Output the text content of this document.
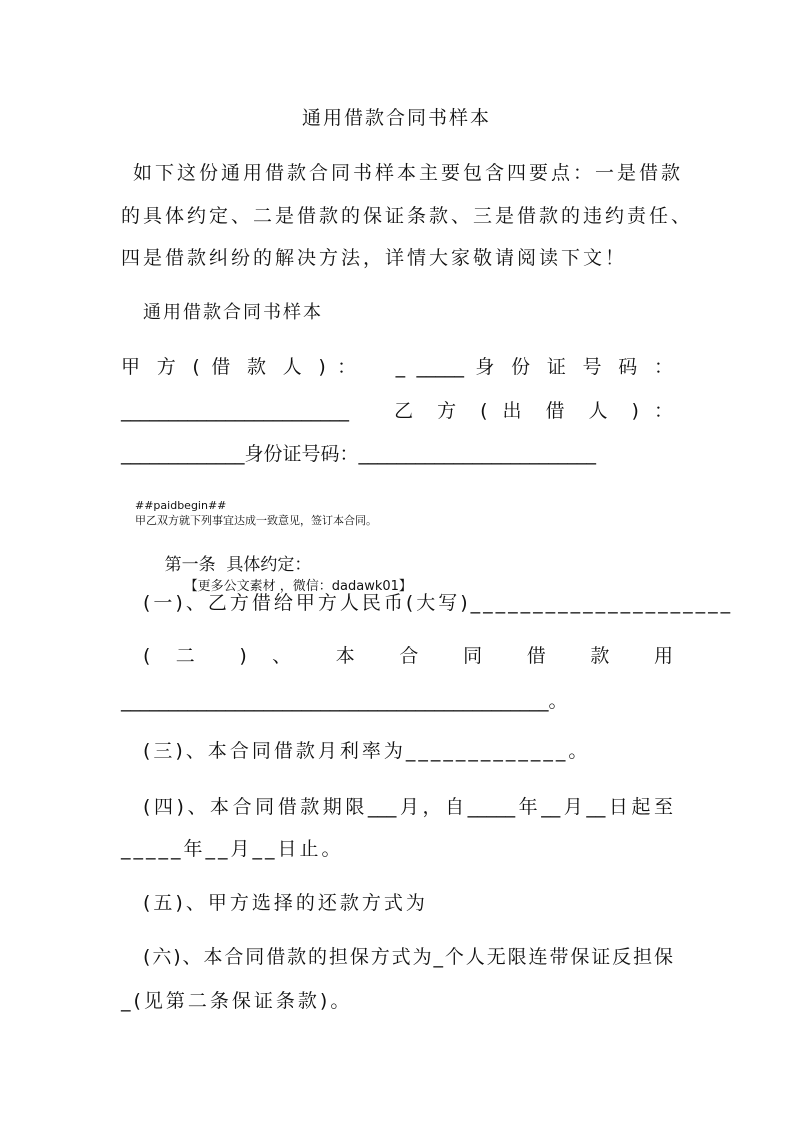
通用借款合同书样本
如下这份通用借款合同书样本主要包含四要点：一是借款
的具体约定、二是借款的保证条款、三是借款的违约责任、
四是借款纠纷的解决方法，详情大家敬请阅读下文！
通用借款合同书样本
甲 方 ( 借 款 人 ) ：   _ _____ 身 份 证 号 码 ：
________________________   乙 方 ( 出 借 人 ) ：
_____________身份证号码：_________________________

##paidbegin##
甲乙双方就下列事宜达成一致意见，签订本合同。

第一条  具体约定：
【更多公文素材 ，微信：dadawk01】

(一)、乙方借给甲方人民币(大写)_____________________
( 二 ) 、 本 合 同 借 款 用
_____________________________________________。
(三)、本合同借款月利率为_____________。
(四)、本合同借款期限___月，自_____年__月__日起至
_____年__月__日止。
(五)、甲方选择的还款方式为
(六)、本合同借款的担保方式为_个人无限连带保证反担保
_(见第二条保证条款)。
